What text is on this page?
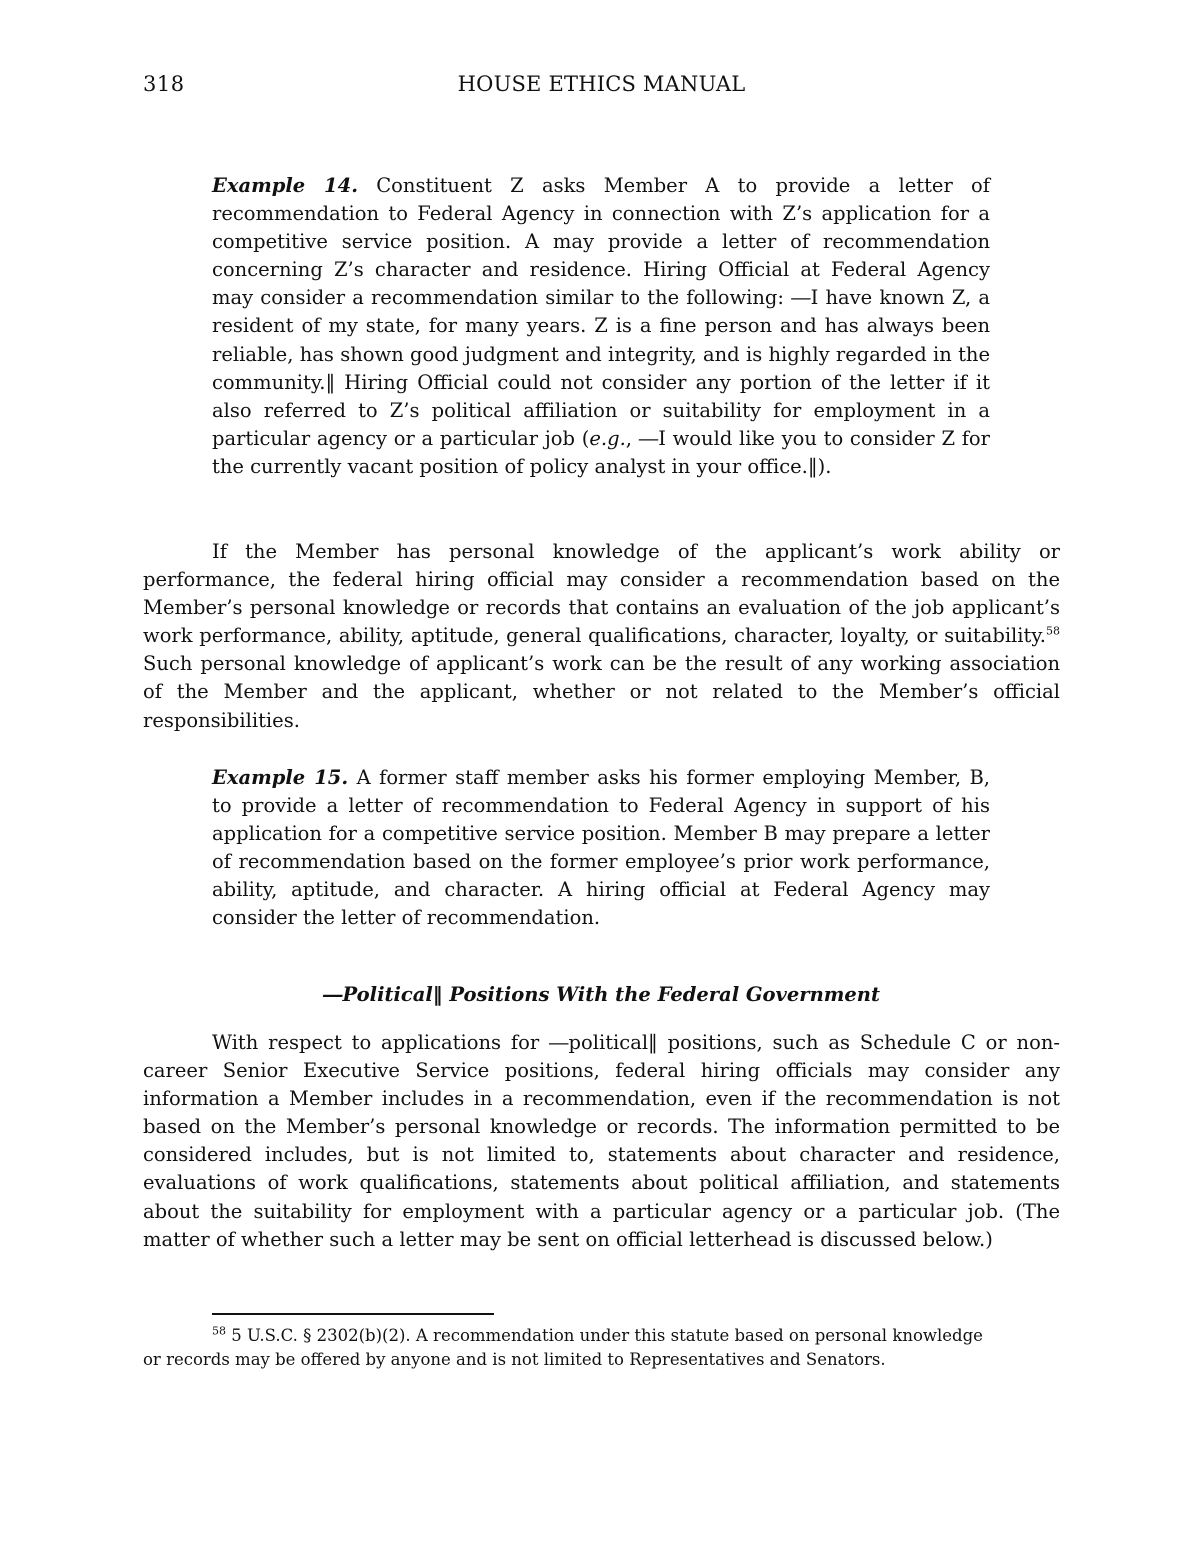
318	HOUSE ETHICS MANUAL

Example 14. Constituent Z asks Member A to provide a letter of recommendation to Federal Agency in connection with Z’s application for a competitive service position. A may provide a letter of recommendation concerning Z’s character and residence. Hiring Official at Federal Agency may consider a recommendation similar to the following: ―I have known Z, a resident of my state, for many years. Z is a fine person and has always been reliable, has shown good judgment and integrity, and is highly regarded in the community.‖ Hiring Official could not consider any portion of the letter if it also referred to Z’s political affiliation or suitability for employment in a particular agency or a particular job (e.g., ―I would like you to consider Z for the currently vacant position of policy analyst in your office.‖).

If the Member has personal knowledge of the applicant’s work ability or performance, the federal hiring official may consider a recommendation based on the Member’s personal knowledge or records that contains an evaluation of the job applicant’s work performance, ability, aptitude, general qualifications, character, loyalty, or suitability.$^{58}$ Such personal knowledge of applicant’s work can be the result of any working association of the Member and the applicant, whether or not related to the Member’s official responsibilities.

Example 15. A former staff member asks his former employing Member, B, to provide a letter of recommendation to Federal Agency in support of his application for a competitive service position. Member B may prepare a letter of recommendation based on the former employee’s prior work performance, ability, aptitude, and character. A hiring official at Federal Agency may consider the letter of recommendation.

―Political‖ Positions With the Federal Government

With respect to applications for ―political‖ positions, such as Schedule C or non-career Senior Executive Service positions, federal hiring officials may consider any information a Member includes in a recommendation, even if the recommendation is not based on the Member’s personal knowledge or records. The information permitted to be considered includes, but is not limited to, statements about character and residence, evaluations of work qualifications, statements about political affiliation, and statements about the suitability for employment with a particular agency or a particular job. (The matter of whether such a letter may be sent on official letterhead is discussed below.)

$^{58}$ 5 U.S.C. § 2302(b)(2). A recommendation under this statute based on personal knowledge
or records may be offered by anyone and is not limited to Representatives and Senators.
